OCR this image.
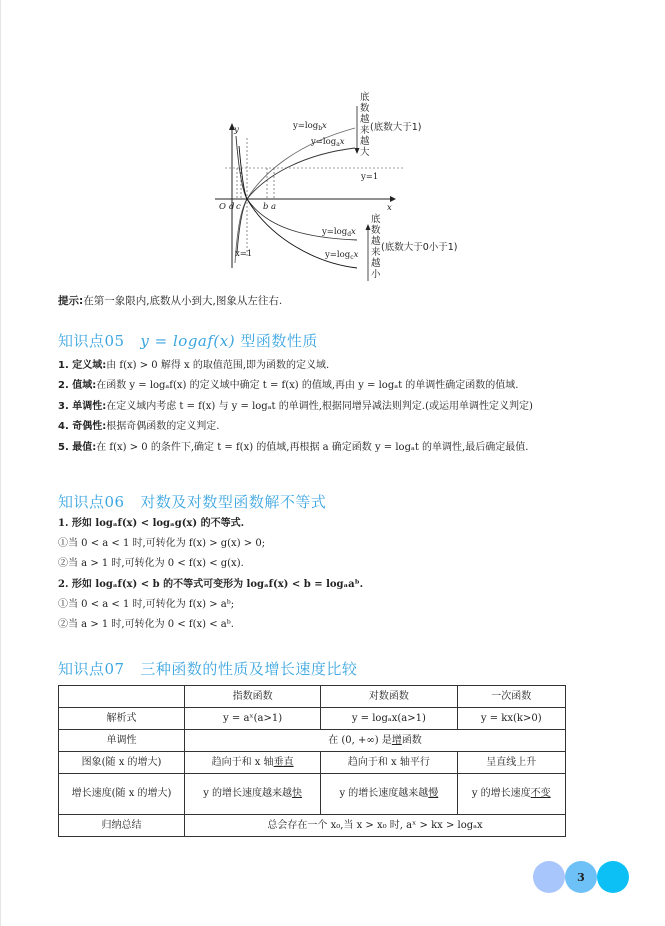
y
x
O d c	b a
y=1
x=1
$y=\log_bx$
$y=\log_ax$
$y=\log_dx$
$y=\log_cx$
底
数
越
来
越
大
(底数大于1)
底
数
越
来
越
小
(底数大于0小于1)
提示:在第一象限内,底数从小到大,图象从左往右.
知识点05 y = logaf(x) 型函数性质
1. 定义域:由 f(x) > 0 解得 x 的取值范围,即为函数的定义域.
2. 值域:在函数 y = logₐf(x) 的定义域中确定 t = f(x) 的值域,再由 y = logₐt 的单调性确定函数的值域.
3. 单调性:在定义域内考虑 t = f(x) 与 y = logₐt 的单调性,根据同增异减法则判定.(或运用单调性定义判定)
4. 奇偶性:根据奇偶函数的定义判定.
5. 最值:在 f(x) > 0 的条件下,确定 t = f(x) 的值域,再根据 a 确定函数 y = logₐt 的单调性,最后确定最值.
知识点06 对数及对数型函数解不等式
1. 形如 logₐf(x) < logₐg(x) 的不等式.
①当 0 < a < 1 时,可转化为 f(x) > g(x) > 0;
②当 a > 1 时,可转化为 0 < f(x) < g(x).
2. 形如 logₐf(x) < b 的不等式可变形为 logₐf(x) < b = logₐaᵇ.
①当 0 < a < 1 时,可转化为 f(x) > aᵇ;
②当 a > 1 时,可转化为 0 < f(x) < aᵇ.
知识点07 三种函数的性质及增长速度比较
	指数函数	对数函数	一次函数
解析式	y = aˣ(a>1)	y = logₐx(a>1)	y = kx(k>0)
单调性	在 (0, +∞) 是增函数		
图象(随 x 的增大)	趋向于和 x 轴垂直	趋向于和 x 轴平行	呈直线上升
增长速度(随 x 的增大)	y 的增长速度越来越快	y 的增长速度越来越慢	y 的增长速度不变
归纳总结	总会存在一个 x₀,当 x > x₀ 时, aˣ > kx > logₐx		
3
